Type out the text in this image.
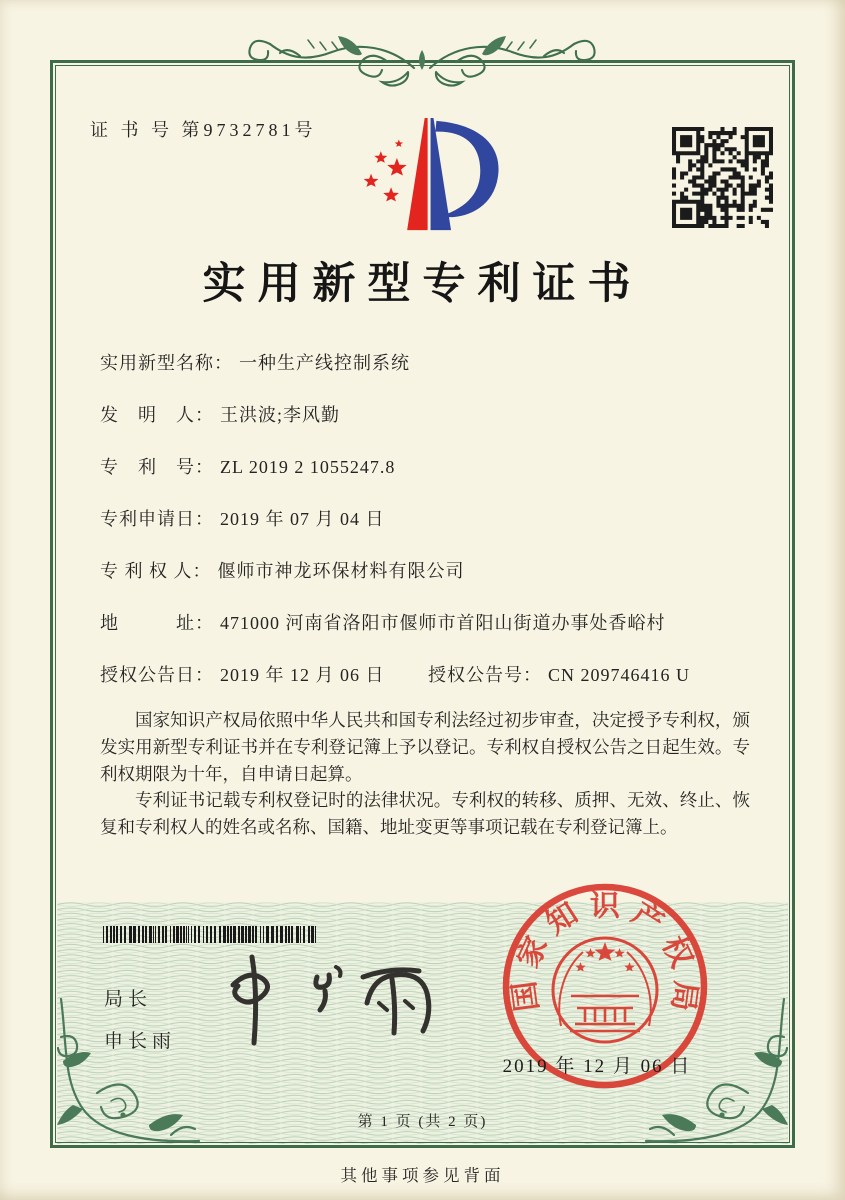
证 书 号 第9732781号
实用新型专利证书
实用新型名称： 一种生产线控制系统
发　明　人： 王洪波;李风勤
专　利　号： ZL 2019 2 1055247.8
专利申请日： 2019 年 07 月 04 日
专 利 权 人： 偃师市神龙环保材料有限公司
地　　　址： 471000 河南省洛阳市偃师市首阳山街道办事处香峪村
授权公告日： 2019 年 12 月 06 日 授权公告号： CN 209746416 U

国家知识产权局依照中华人民共和国专利法经过初步审查，决定授予专利权，颁发实用新型专利证书并在专利登记簿上予以登记。专利权自授权公告之日起生效。专利权期限为十年，自申请日起算。

专利证书记载专利权登记时的法律状况。专利权的转移、质押、无效、终止、恢复和专利权人的姓名或名称、国籍、地址变更等事项记载在专利登记簿上。

局长
申长雨
国家知识产权局
2019 年 12 月 06 日
第 1 页 (共 2 页)
其他事项参见背面
